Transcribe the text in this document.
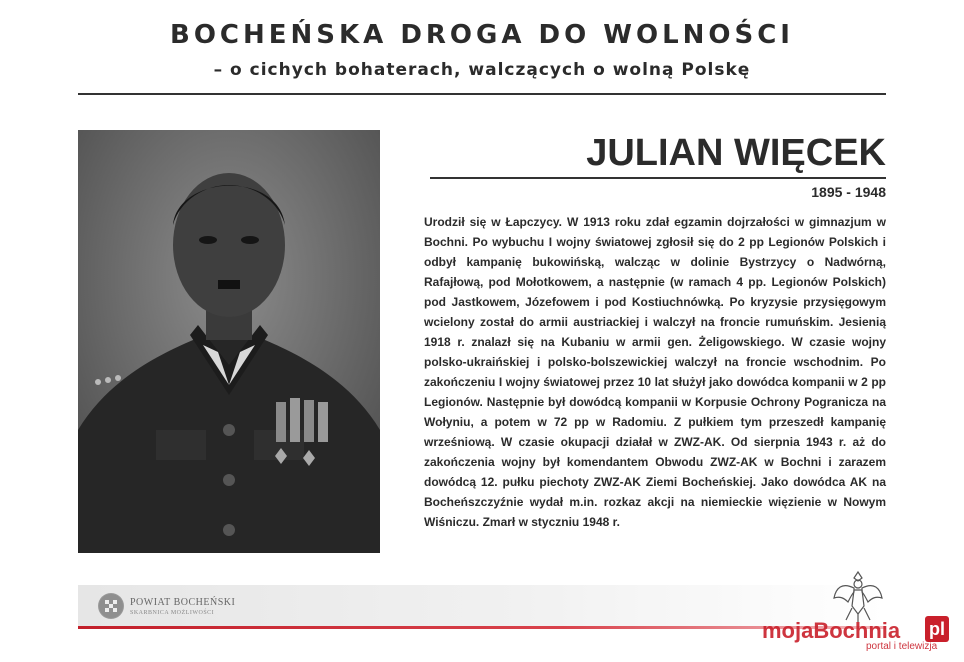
BOCHEŃSKA DROGA DO WOLNOŚCI
– o cichych bohaterach, walczących o wolną Polskę
JULIAN WIĘCEK
1895 - 1948
Urodził się w Łapczycy. W 1913 roku zdał egzamin dojrzałości w gimnazjum w Bochni. Po wybuchu I wojny światowej zgłosił się do 2 pp Legionów Polskich i odbył kampanię bukowińską, walcząc w dolinie Bystrzycy o Nadwórną, Rafajłową, pod Mołotkowem, a następnie (w ramach 4 pp. Legionów Polskich) pod Jastkowem, Józefowem i pod Kostiuchnówką. Po kryzysie przysięgowym wcielony został do armii austriackiej i walczył na froncie rumuńskim. Jesienią 1918 r. znalazł się na Kubaniu w armii gen. Żeligowskiego. W czasie wojny polsko-ukraińskiej i polsko-bolszewickiej walczył na froncie wschodnim. Po zakończeniu I wojny światowej przez 10 lat służył jako dowódca kompanii w 2 pp Legionów. Następnie był dowódcą kompanii w Korpusie Ochrony Pogranicza na Wołyniu, a potem w 72 pp w Radomiu. Z pułkiem tym przeszedł kampanię wrześniową. W czasie okupacji działał w ZWZ-AK. Od sierpnia 1943 r. aż do zakończenia wojny był komendantem Obwodu ZWZ-AK w Bochni i zarazem dowódcą 12. pułku piechoty ZWZ-AK Ziemi Bocheńskiej. Jako dowódca AK na Bocheńszczyźnie wydał m.in. rozkaz akcji na niemieckie więzienie w Nowym Wiśniczu. Zmarł w styczniu 1948 r.
POWIAT BOCHEŃSKI
SKARBNICA MOŻLIWOŚCI
mojaBochnia pl
portal i telewizja
